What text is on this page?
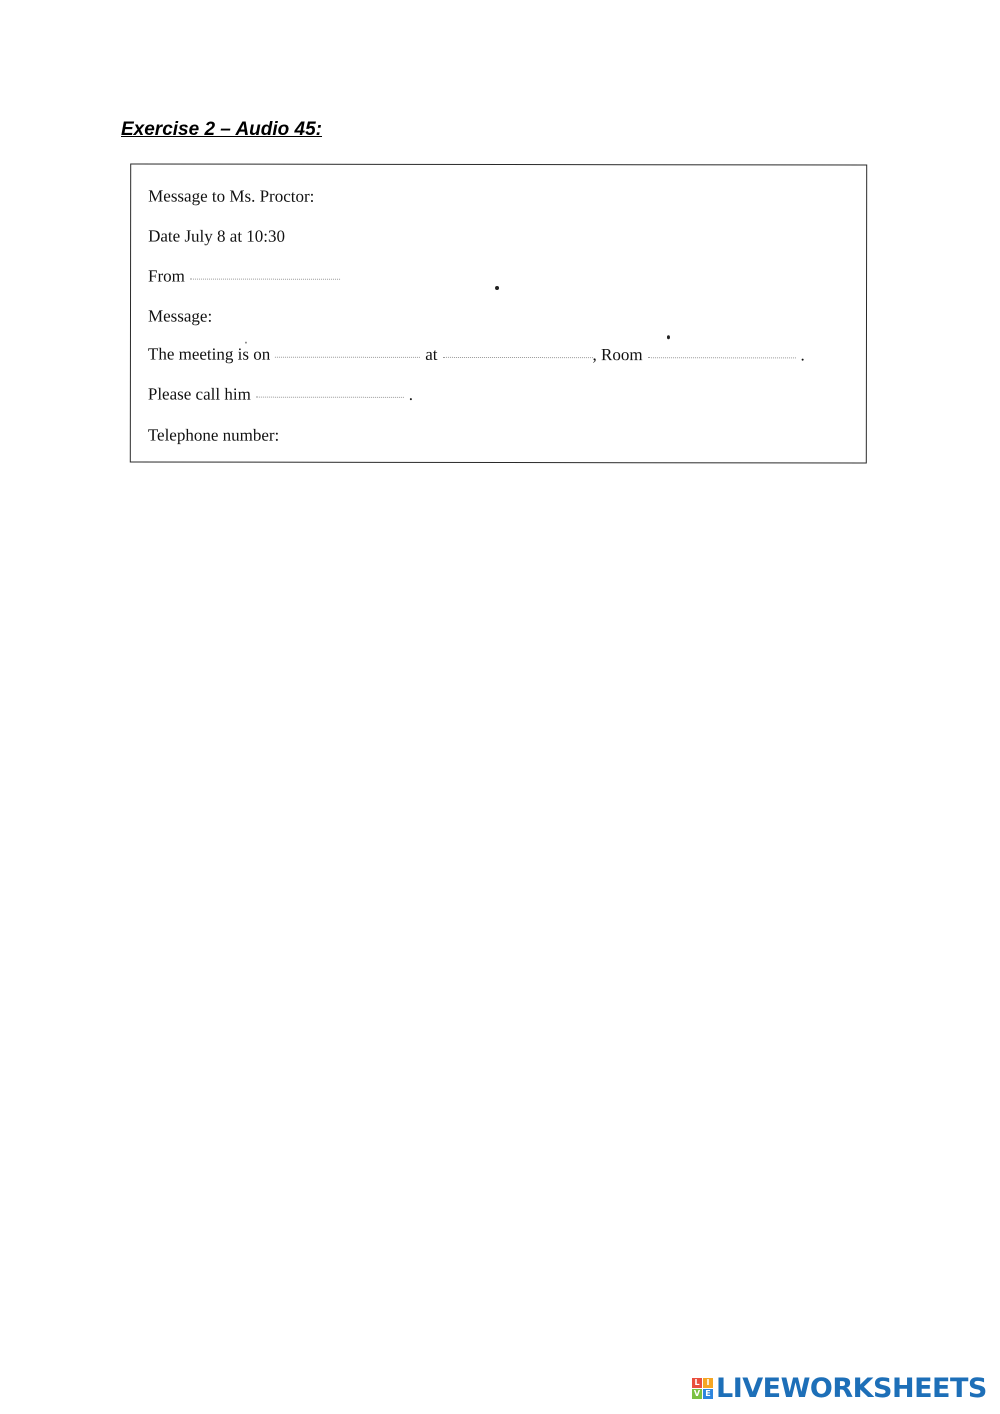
Exercise 2 – Audio 45:
Message to Ms. Proctor:
Date July 8 at 10:30
From
Message:
The meeting is on	at	, Room	.
Please call him	.
Telephone number:
L I
V E LIVEWORKSHEETS
